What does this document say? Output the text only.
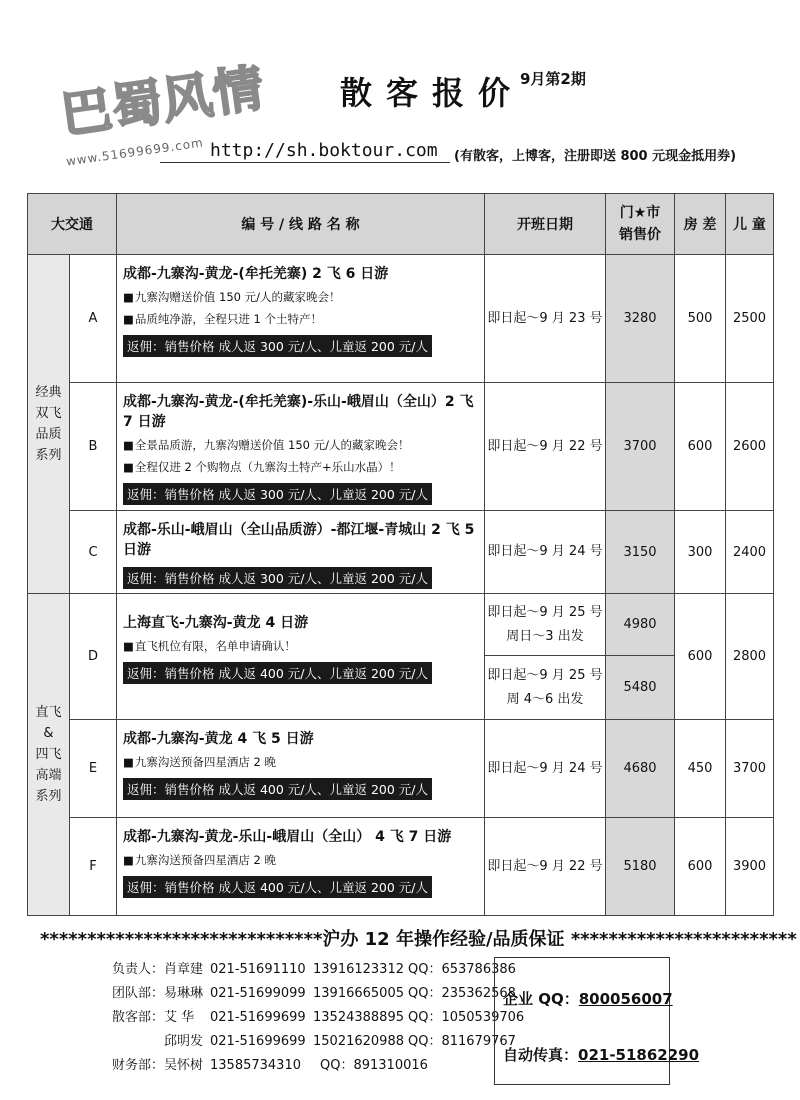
巴蜀风情
www.51699699.com
散客报价
9月第2期
http://sh.boktour.com (有散客，上博客，注册即送 800 元现金抵用券)
大交通		编 号 / 线 路 名 称	开班日期	门★市
销售价	房 差	儿 童

经典
双飞
品质
系列	A	成都-九寨沟-黄龙-(牟托羌寨) 2 飞 6 日游
■ 九寨沟赠送价值 150 元/人的藏家晚会！
■ 品质纯净游，全程只进 1 个土特产！
返佣：销售价格 成人返 300 元/人、儿童返 200 元/人	即日起～9 月 23 号	3280	500	2500
	B	成都-九寨沟-黄龙-(牟托羌寨)-乐山-峨眉山（全山）2 飞 7 日游
■ 全景品质游，九寨沟赠送价值 150 元/人的藏家晚会！
■ 全程仅进 2 个购物点（九寨沟土特产+乐山水晶）！
返佣：销售价格 成人返 300 元/人、儿童返 200 元/人	即日起～9 月 22 号	3700	600	2600
	C	成都-乐山-峨眉山（全山品质游）-都江堰-青城山 2 飞 5 日游
返佣：销售价格 成人返 300 元/人、儿童返 200 元/人	即日起～9 月 24 号	3150	300	2400

直飞
&
四飞
高端
系列	D	上海直飞-九寨沟-黄龙 4 日游
■ 直飞机位有限，名单申请确认！
返佣：销售价格 成人返 400 元/人、儿童返 200 元/人	即日起～9 月 25 号
周日～3 出发	4980	600	2800

			即日起～9 月 25 号
周 4～6 出发	5480		
	E	成都-九寨沟-黄龙 4 飞 5 日游
■ 九寨沟送预备四星酒店 2 晚
返佣：销售价格 成人返 400 元/人、儿童返 200 元/人	即日起～9 月 24 号	4680	450	3700
	F	成都-九寨沟-黄龙-乐山-峨眉山（全山） 4 飞 7 日游
■ 九寨沟送预备四星酒店 2 晚
返佣：销售价格 成人返 400 元/人、儿童返 200 元/人	即日起～9 月 22 号	5180	600	3900
******************************沪办 12 年操作经验/品质保证 ************************
负责人：肖章建 021-51691110 13916123312 QQ：653786386
团队部：易琳琳 021-51699099 13916665005 QQ：235362568
散客部：艾 华 021-51699699 13524388895 QQ：1050539706
邱明发 021-51699699 15021620988 QQ：811679767
财务部：吴怀树 13585734310 QQ：891310016
企业 QQ：800056007
自动传真：021-51862290
